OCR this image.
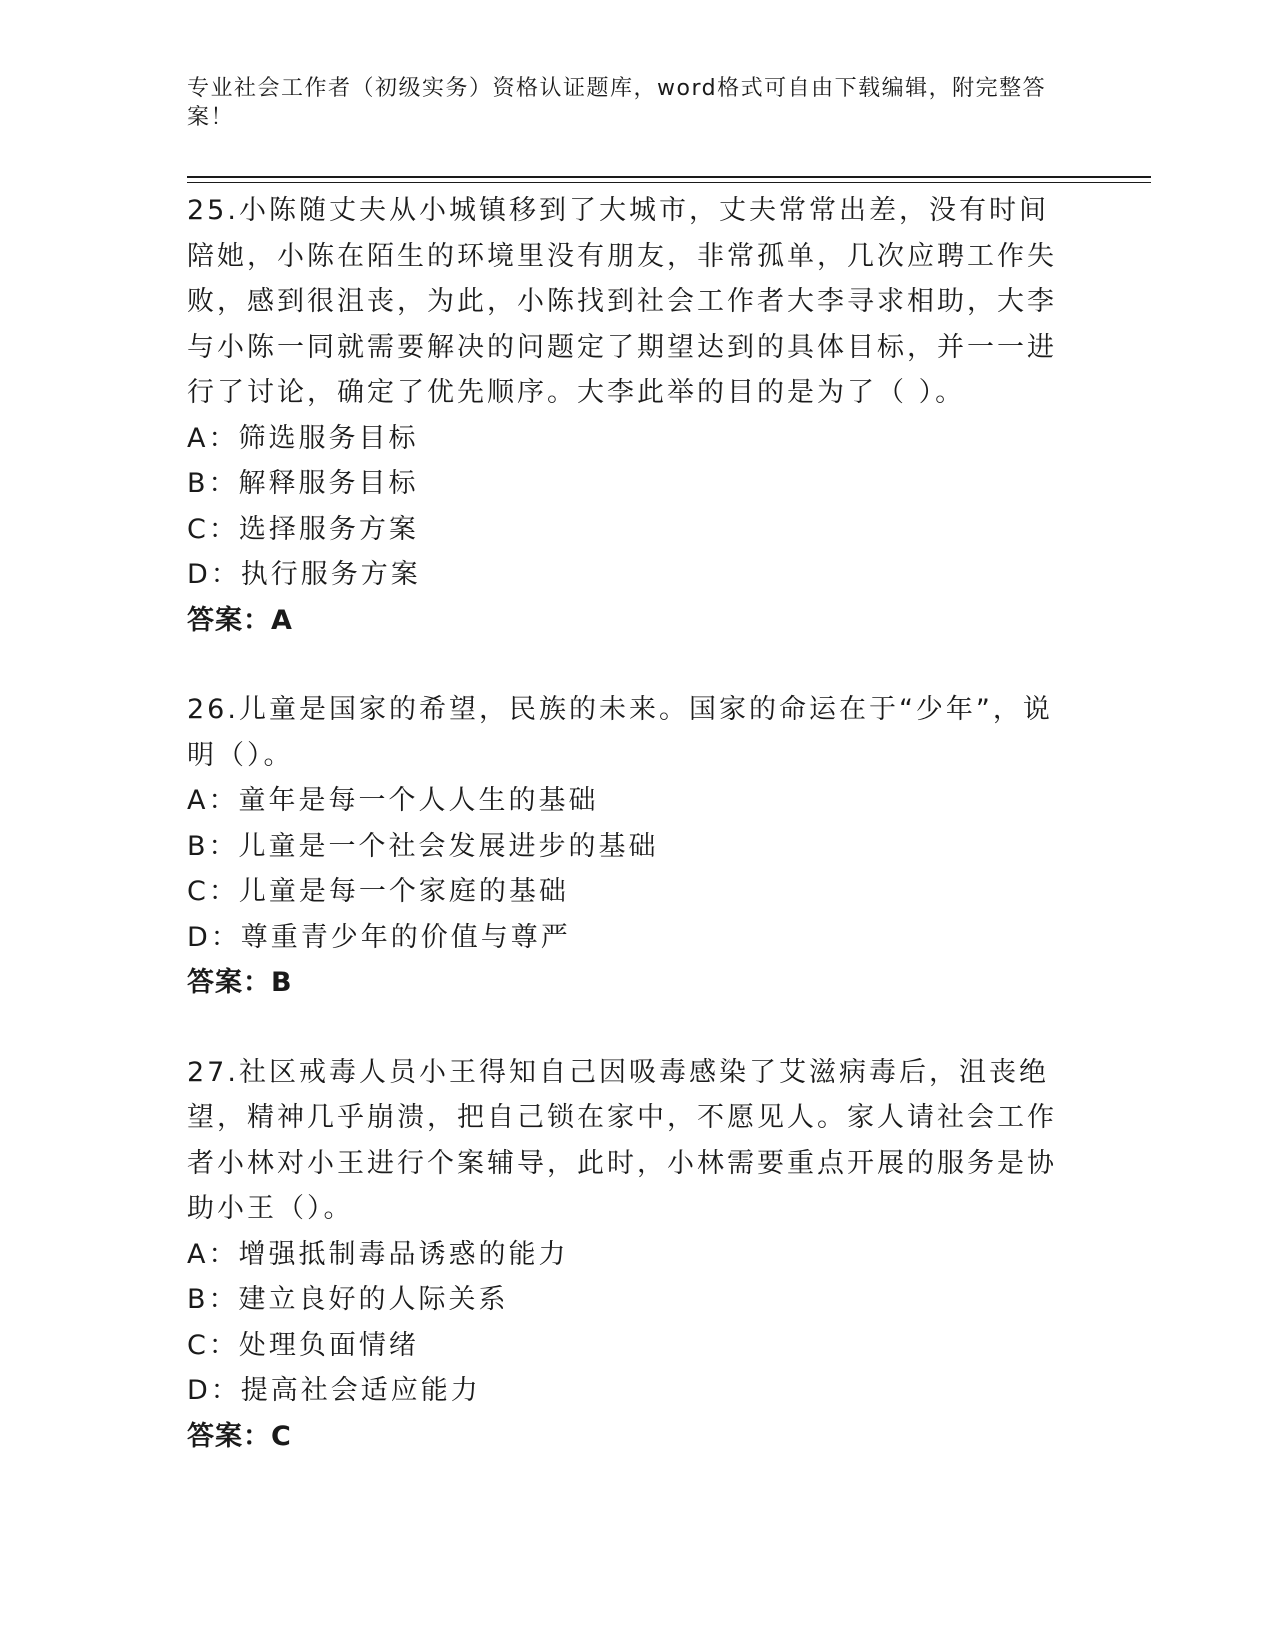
专业社会工作者（初级实务）资格认证题库，word格式可自由下载编辑，附完整答案！
25.小陈随丈夫从小城镇移到了大城市，丈夫常常出差，没有时间陪她，小陈在陌生的环境里没有朋友，非常孤单，几次应聘工作失败，感到很沮丧，为此，小陈找到社会工作者大李寻求相助，大李与小陈一同就需要解决的问题定了期望达到的具体目标，并一一进行了讨论，确定了优先顺序。大李此举的目的是为了（ ）。
A：筛选服务目标
B：解释服务目标
C：选择服务方案
D：执行服务方案
答案：A
26.儿童是国家的希望，民族的未来。国家的命运在于“少年”，说明（）。
A：童年是每一个人人生的基础
B：儿童是一个社会发展进步的基础
C：儿童是每一个家庭的基础
D：尊重青少年的价值与尊严
答案：B
27.社区戒毒人员小王得知自己因吸毒感染了艾滋病毒后，沮丧绝望，精神几乎崩溃，把自己锁在家中，不愿见人。家人请社会工作者小林对小王进行个案辅导，此时，小林需要重点开展的服务是协助小王（）。
A：增强抵制毒品诱惑的能力
B：建立良好的人际关系
C：处理负面情绪
D：提高社会适应能力
答案：C
